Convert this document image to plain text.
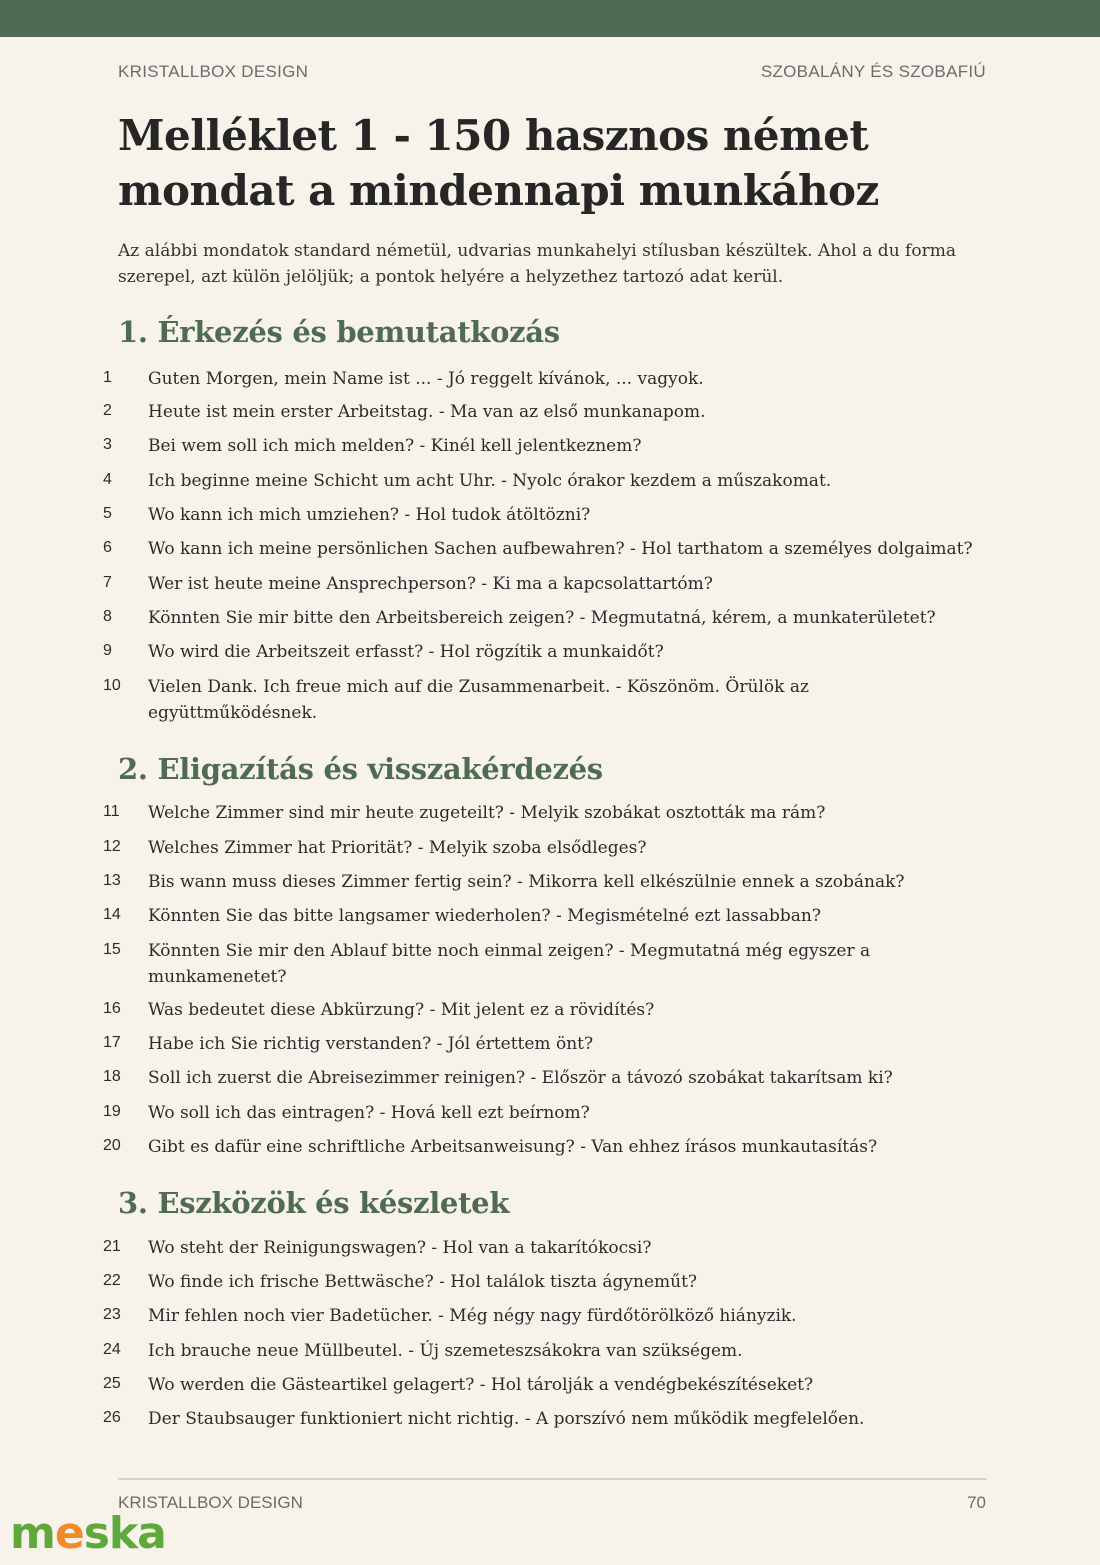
KRISTALLBOX DESIGN	SZOBALÁNY ÉS SZOBAFIÚ
Melléklet 1 - 150 hasznos német mondat a mindennapi munkához

Az alábbi mondatok standard németül, udvarias munkahelyi stílusban készültek. Ahol a du forma szerepel, azt külön jelöljük; a pontok helyére a helyzethez tartozó adat kerül.

1. Érkezés és bemutatkozás
1 Guten Morgen, mein Name ist ... - Jó reggelt kívánok, ... vagyok.
2 Heute ist mein erster Arbeitstag. - Ma van az első munkanapom.
3 Bei wem soll ich mich melden? - Kinél kell jelentkeznem?
4 Ich beginne meine Schicht um acht Uhr. - Nyolc órakor kezdem a műszakomat.
5 Wo kann ich mich umziehen? - Hol tudok átöltözni?
6 Wo kann ich meine persönlichen Sachen aufbewahren? - Hol tarthatom a személyes dolgaimat?
7 Wer ist heute meine Ansprechperson? - Ki ma a kapcsolattartóm?
8 Könnten Sie mir bitte den Arbeitsbereich zeigen? - Megmutatná, kérem, a munkaterületet?
9 Wo wird die Arbeitszeit erfasst? - Hol rögzítik a munkaidőt?
10 Vielen Dank. Ich freue mich auf die Zusammenarbeit. - Köszönöm. Örülök az együttműködésnek.
2. Eligazítás és visszakérdezés
11 Welche Zimmer sind mir heute zugeteilt? - Melyik szobákat osztották ma rám?
12 Welches Zimmer hat Priorität? - Melyik szoba elsődleges?
13 Bis wann muss dieses Zimmer fertig sein? - Mikorra kell elkészülnie ennek a szobának?
14 Könnten Sie das bitte langsamer wiederholen? - Megismételné ezt lassabban?
15 Könnten Sie mir den Ablauf bitte noch einmal zeigen? - Megmutatná még egyszer a munkamenetet?
16 Was bedeutet diese Abkürzung? - Mit jelent ez a rövidítés?
17 Habe ich Sie richtig verstanden? - Jól értettem önt?
18 Soll ich zuerst die Abreisezimmer reinigen? - Először a távozó szobákat takarítsam ki?
19 Wo soll ich das eintragen? - Hová kell ezt beírnom?
20 Gibt es dafür eine schriftliche Arbeitsanweisung? - Van ehhez írásos munkautasítás?
3. Eszközök és készletek
21 Wo steht der Reinigungswagen? - Hol van a takarítókocsi?
22 Wo finde ich frische Bettwäsche? - Hol találok tiszta ágyneműt?
23 Mir fehlen noch vier Badetücher. - Még négy nagy fürdőtörölköző hiányzik.
24 Ich brauche neue Müllbeutel. - Új szemeteszsákokra van szükségem.
25 Wo werden die Gästeartikel gelagert? - Hol tárolják a vendégbekészítéseket?
26 Der Staubsauger funktioniert nicht richtig. - A porszívó nem működik megfelelően.
KRISTALLBOX DESIGN	70
meska
